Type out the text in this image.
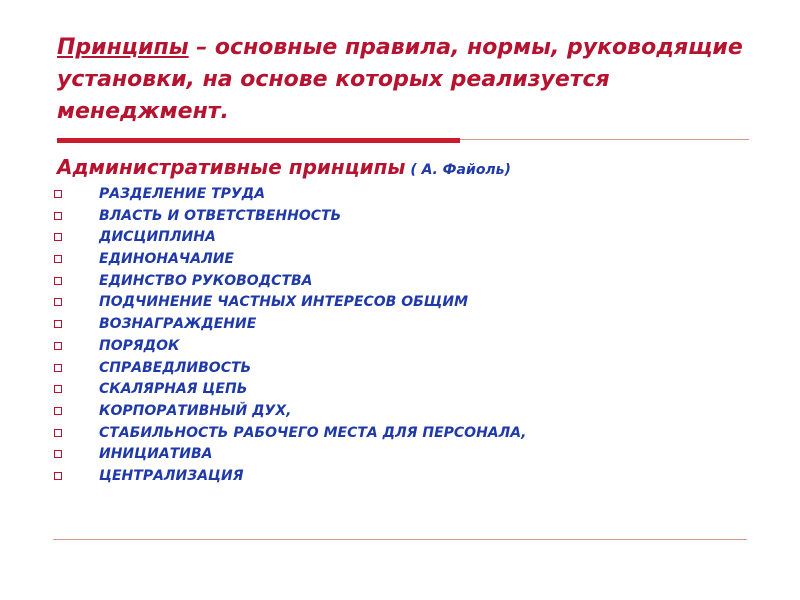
Принципы – основные правила, нормы, руководящие установки, на основе которых реализуется менеджмент.
Административные принципы ( А. Файоль)
РАЗДЕЛЕНИЕ ТРУДА
ВЛАСТЬ И ОТВЕТСТВЕННОСТЬ
ДИСЦИПЛИНА
ЕДИНОНАЧАЛИЕ
ЕДИНСТВО РУКОВОДСТВА
ПОДЧИНЕНИЕ ЧАСТНЫХ ИНТЕРЕСОВ ОБЩИМ
ВОЗНАГРАЖДЕНИЕ
ПОРЯДОК
СПРАВЕДЛИВОСТЬ
СКАЛЯРНАЯ ЦЕПЬ
КОРПОРАТИВНЫЙ ДУХ,
СТАБИЛЬНОСТЬ РАБОЧЕГО МЕСТА ДЛЯ ПЕРСОНАЛА,
ИНИЦИАТИВА
ЦЕНТРАЛИЗАЦИЯ
